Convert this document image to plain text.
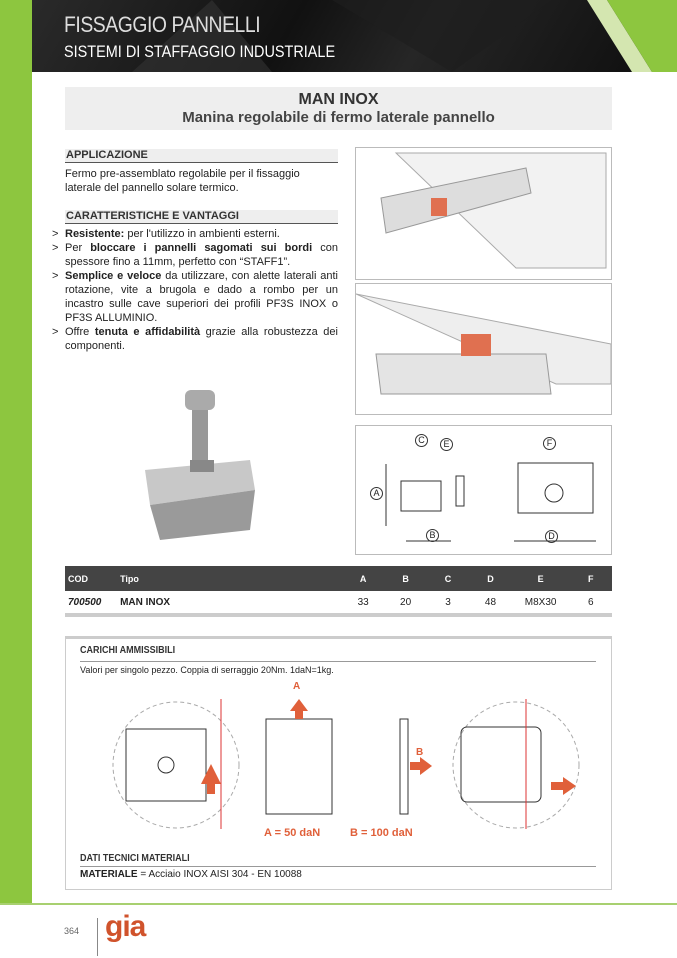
FISSAGGIO PANNELLI
SISTEMI DI STAFFAGGIO INDUSTRIALE
MAN INOX
Manina regolabile di fermo laterale pannello
APPLICAZIONE
Fermo pre-assemblato regolabile per il fissaggio laterale del pannello solare termico.
CARATTERISTICHE E VANTAGGI
> Resistente: per l'utilizzo in ambienti esterni.
> Per bloccare i pannelli sagomati sui bordi con spessore fino a 11mm, perfetto con “STAFF1”.
> Semplice e veloce da utilizzare, con alette laterali anti rotazione, vite a brugola e dado a rombo per un incastro sulle cave superiori dei profili PF3S INOX o PF3S ALLUMINIO.
> Offre tenuta e affidabilità grazie alla robustezza dei componenti.
A
B
C	E
D
F
COD	Tipo	A	B	C	D	E	F
700500	MAN INOX	33	20	3	48	M8X30	6
CARICHI AMMISSIBILI
Valori per singolo pezzo. Coppia di serraggio 20Nm. 1daN=1kg.
A
B
A = 50 daN	B = 100 daN
DATI TECNICI MATERIALI
MATERIALE = Acciaio INOX AISI 304 - EN 10088
364 gia
